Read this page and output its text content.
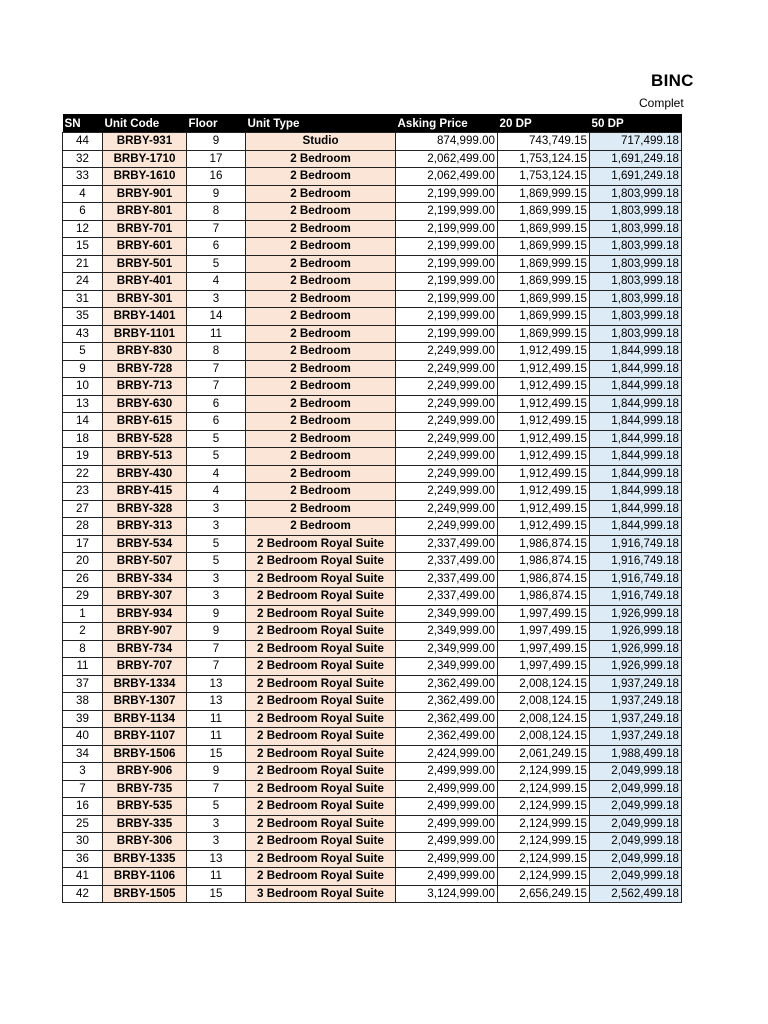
BINC
Complet
SN	Unit Code	Floor	Unit Type	Asking Price	20 DP	50 DP
44	BRBY-931	9	Studio	874,999.00	743,749.15	717,499.18
32	BRBY-1710	17	2 Bedroom	2,062,499.00	1,753,124.15	1,691,249.18
33	BRBY-1610	16	2 Bedroom	2,062,499.00	1,753,124.15	1,691,249.18
4	BRBY-901	9	2 Bedroom	2,199,999.00	1,869,999.15	1,803,999.18
6	BRBY-801	8	2 Bedroom	2,199,999.00	1,869,999.15	1,803,999.18
12	BRBY-701	7	2 Bedroom	2,199,999.00	1,869,999.15	1,803,999.18
15	BRBY-601	6	2 Bedroom	2,199,999.00	1,869,999.15	1,803,999.18
21	BRBY-501	5	2 Bedroom	2,199,999.00	1,869,999.15	1,803,999.18
24	BRBY-401	4	2 Bedroom	2,199,999.00	1,869,999.15	1,803,999.18
31	BRBY-301	3	2 Bedroom	2,199,999.00	1,869,999.15	1,803,999.18
35	BRBY-1401	14	2 Bedroom	2,199,999.00	1,869,999.15	1,803,999.18
43	BRBY-1101	11	2 Bedroom	2,199,999.00	1,869,999.15	1,803,999.18
5	BRBY-830	8	2 Bedroom	2,249,999.00	1,912,499.15	1,844,999.18
9	BRBY-728	7	2 Bedroom	2,249,999.00	1,912,499.15	1,844,999.18
10	BRBY-713	7	2 Bedroom	2,249,999.00	1,912,499.15	1,844,999.18
13	BRBY-630	6	2 Bedroom	2,249,999.00	1,912,499.15	1,844,999.18
14	BRBY-615	6	2 Bedroom	2,249,999.00	1,912,499.15	1,844,999.18
18	BRBY-528	5	2 Bedroom	2,249,999.00	1,912,499.15	1,844,999.18
19	BRBY-513	5	2 Bedroom	2,249,999.00	1,912,499.15	1,844,999.18
22	BRBY-430	4	2 Bedroom	2,249,999.00	1,912,499.15	1,844,999.18
23	BRBY-415	4	2 Bedroom	2,249,999.00	1,912,499.15	1,844,999.18
27	BRBY-328	3	2 Bedroom	2,249,999.00	1,912,499.15	1,844,999.18
28	BRBY-313	3	2 Bedroom	2,249,999.00	1,912,499.15	1,844,999.18
17	BRBY-534	5	2 Bedroom Royal Suite	2,337,499.00	1,986,874.15	1,916,749.18
20	BRBY-507	5	2 Bedroom Royal Suite	2,337,499.00	1,986,874.15	1,916,749.18
26	BRBY-334	3	2 Bedroom Royal Suite	2,337,499.00	1,986,874.15	1,916,749.18
29	BRBY-307	3	2 Bedroom Royal Suite	2,337,499.00	1,986,874.15	1,916,749.18
1	BRBY-934	9	2 Bedroom Royal Suite	2,349,999.00	1,997,499.15	1,926,999.18
2	BRBY-907	9	2 Bedroom Royal Suite	2,349,999.00	1,997,499.15	1,926,999.18
8	BRBY-734	7	2 Bedroom Royal Suite	2,349,999.00	1,997,499.15	1,926,999.18
11	BRBY-707	7	2 Bedroom Royal Suite	2,349,999.00	1,997,499.15	1,926,999.18
37	BRBY-1334	13	2 Bedroom Royal Suite	2,362,499.00	2,008,124.15	1,937,249.18
38	BRBY-1307	13	2 Bedroom Royal Suite	2,362,499.00	2,008,124.15	1,937,249.18
39	BRBY-1134	11	2 Bedroom Royal Suite	2,362,499.00	2,008,124.15	1,937,249.18
40	BRBY-1107	11	2 Bedroom Royal Suite	2,362,499.00	2,008,124.15	1,937,249.18
34	BRBY-1506	15	2 Bedroom Royal Suite	2,424,999.00	2,061,249.15	1,988,499.18
3	BRBY-906	9	2 Bedroom Royal Suite	2,499,999.00	2,124,999.15	2,049,999.18
7	BRBY-735	7	2 Bedroom Royal Suite	2,499,999.00	2,124,999.15	2,049,999.18
16	BRBY-535	5	2 Bedroom Royal Suite	2,499,999.00	2,124,999.15	2,049,999.18
25	BRBY-335	3	2 Bedroom Royal Suite	2,499,999.00	2,124,999.15	2,049,999.18
30	BRBY-306	3	2 Bedroom Royal Suite	2,499,999.00	2,124,999.15	2,049,999.18
36	BRBY-1335	13	2 Bedroom Royal Suite	2,499,999.00	2,124,999.15	2,049,999.18
41	BRBY-1106	11	2 Bedroom Royal Suite	2,499,999.00	2,124,999.15	2,049,999.18
42	BRBY-1505	15	3 Bedroom Royal Suite	3,124,999.00	2,656,249.15	2,562,499.18
